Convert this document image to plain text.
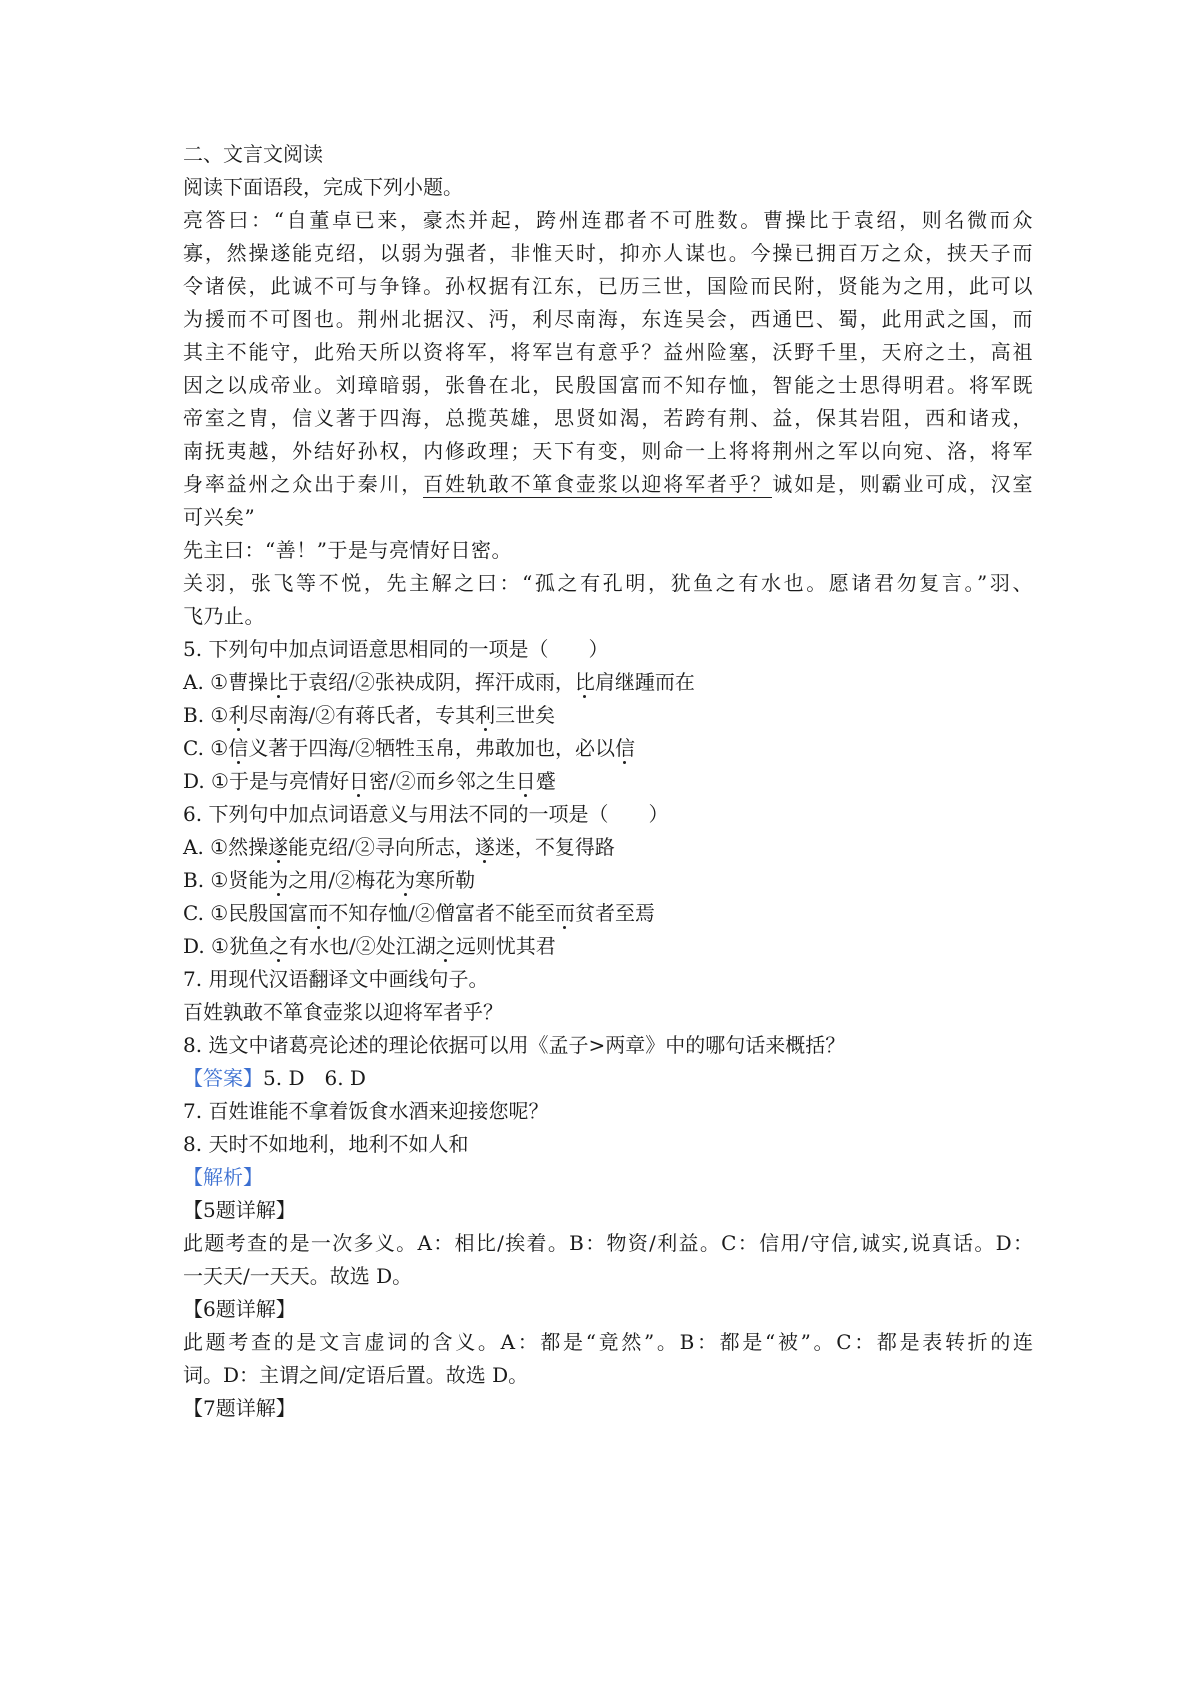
二、文言文阅读
阅读下面语段，完成下列小题。
亮答曰：“自董卓已来，豪杰并起，跨州连郡者不可胜数。曹操比于袁绍，则名微而众
寡，然操遂能克绍，以弱为强者，非惟天时，抑亦人谋也。今操已拥百万之众，挟天子而
令诸侯，此诚不可与争锋。孙权据有江东，已历三世，国险而民附，贤能为之用，此可以
为援而不可图也。荆州北据汉、沔，利尽南海，东连吴会，西通巴、蜀，此用武之国，而
其主不能守，此殆天所以资将军，将军岂有意乎？益州险塞，沃野千里，天府之土，高祖
因之以成帝业。刘璋暗弱，张鲁在北，民殷国富而不知存恤，智能之士思得明君。将军既
帝室之胄，信义著于四海，总揽英雄，思贤如渴，若跨有荆、益，保其岩阻，西和诸戎，
南抚夷越，外结好孙权，内修政理；天下有变，则命一上将将荆州之军以向宛、洛，将军
身率益州之众出于秦川，百姓轨敢不箪食壶浆以迎将军者乎？诚如是，则霸业可成，汉室
可兴矣”
先主曰：“善！”于是与亮情好日密。
关羽，张飞等不悦，先主解之曰：“孤之有孔明，犹鱼之有水也。愿诸君勿复言。”羽、
飞乃止。
5. 下列句中加点词语意思相同的一项是（　　）
A. ①曹操比于袁绍/②张袂成阴，挥汗成雨，比肩继踵而在
B. ①利尽南海/②有蒋氏者，专其利三世矣
C. ①信义著于四海/②牺牲玉帛，弗敢加也，必以信
D. ①于是与亮情好日密/②而乡邻之生日蹙
6. 下列句中加点词语意义与用法不同的一项是（　　）
A. ①然操遂能克绍/②寻向所志，遂迷，不复得路
B. ①贤能为之用/②梅花为寒所勒
C. ①民殷国富而不知存恤/②僧富者不能至而贫者至焉
D. ①犹鱼之有水也/②处江湖之远则忧其君
7. 用现代汉语翻译文中画线句子。
百姓孰敢不箪食壶浆以迎将军者乎？
8. 选文中诸葛亮论述的理论依据可以用《孟子>两章》中的哪句话来概括？
【答案】5. D　6. D
7. 百姓谁能不拿着饭食水酒来迎接您呢？
8. 天时不如地利，地利不如人和
【解析】
【5题详解】
此题考查的是一次多义。A：相比/挨着。B：物资/利益。C：信用/守信,诚实,说真话。D：
一天天/一天天。故选 D。
【6题详解】
此题考查的是文言虚词的含义。A：都是“竟然”。B：都是“被”。C：都是表转折的连
词。D：主谓之间/定语后置。故选 D。
【7题详解】
